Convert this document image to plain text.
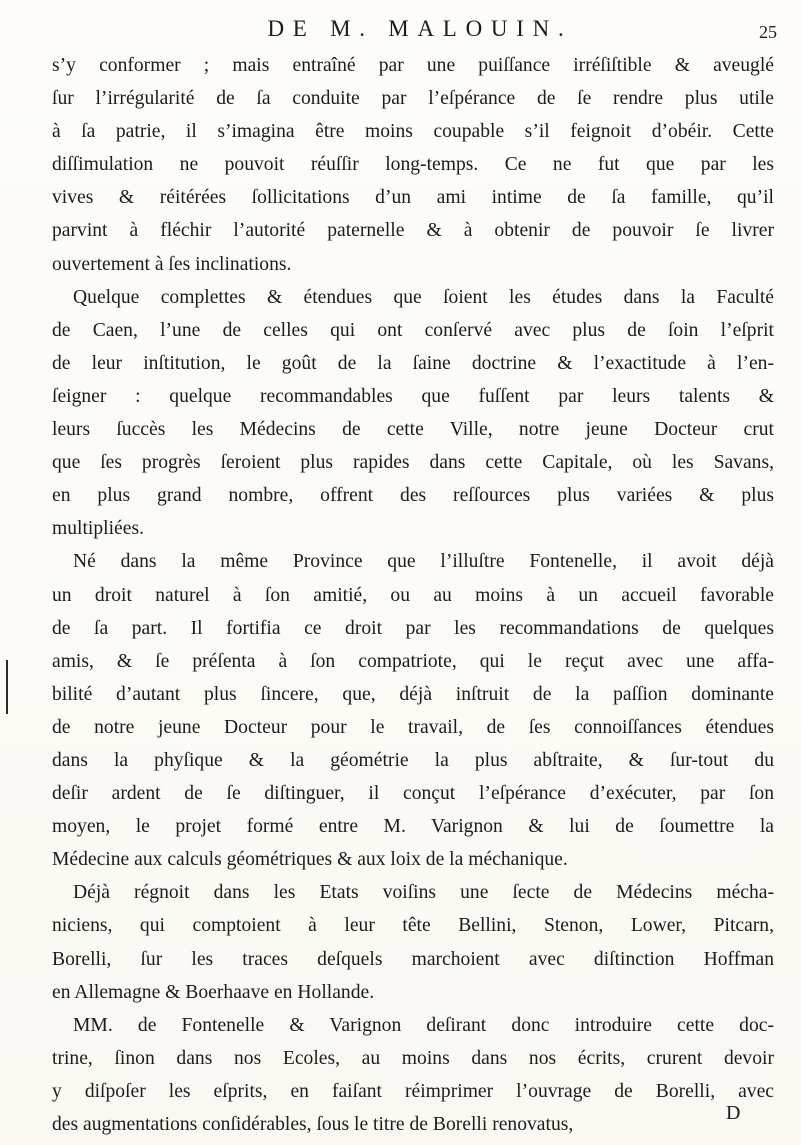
DE M. MALOUIN.	25
s’y conformer ; mais entraîné par une puiſſance irréſiſtible & aveuglé
ſur l’irrégularité de ſa conduite par l’eſpérance de ſe rendre plus utile
à ſa patrie, il s’imagina être moins coupable s’il feignoit d’obéir. Cette
diſſimulation ne pouvoit réuſſir long-temps. Ce ne fut que par les
vives & réitérées ſollicitations d’un ami intime de ſa famille, qu’il
parvint à fléchir l’autorité paternelle & à obtenir de pouvoir ſe livrer
ouvertement à ſes inclinations.
Quelque complettes & étendues que ſoient les études dans la Faculté
de Caen, l’une de celles qui ont conſervé avec plus de ſoin l’eſprit
de leur inſtitution, le goût de la ſaine doctrine & l’exactitude à l’en-
ſeigner : quelque recommandables que fuſſent par leurs talents &
leurs ſuccès les Médecins de cette Ville, notre jeune Docteur crut
que ſes progrès ſeroient plus rapides dans cette Capitale, où les Savans,
en plus grand nombre, offrent des reſſources plus variées & plus
multipliées.
Né dans la même Province que l’illuſtre Fontenelle, il avoit déjà
un droit naturel à ſon amitié, ou au moins à un accueil favorable
de ſa part. Il fortifia ce droit par les recommandations de quelques
amis, & ſe préſenta à ſon compatriote, qui le reçut avec une affa-
bilité d’autant plus ſincere, que, déjà inſtruit de la paſſion dominante
de notre jeune Docteur pour le travail, de ſes connoiſſances étendues
dans la phyſique & la géométrie la plus abſtraite, & ſur-tout du
deſir ardent de ſe diſtinguer, il conçut l’eſpérance d’exécuter, par ſon
moyen, le projet formé entre M. Varignon & lui de ſoumettre la
Médecine aux calculs géométriques & aux loix de la méchanique.
Déjà régnoit dans les Etats voiſins une ſecte de Médecins mécha-
niciens, qui comptoient à leur tête Bellini, Stenon, Lower, Pitcarn,
Borelli, ſur les traces deſquels marchoient avec diſtinction Hoffman
en Allemagne & Boerhaave en Hollande.
MM. de Fontenelle & Varignon deſirant donc introduire cette doc-
trine, ſinon dans nos Ecoles, au moins dans nos écrits, crurent devoir
y diſpoſer les eſprits, en faiſant réimprimer l’ouvrage de Borelli, avec
des augmentations conſidérables, ſous le titre de Borelli renovatus,
D
